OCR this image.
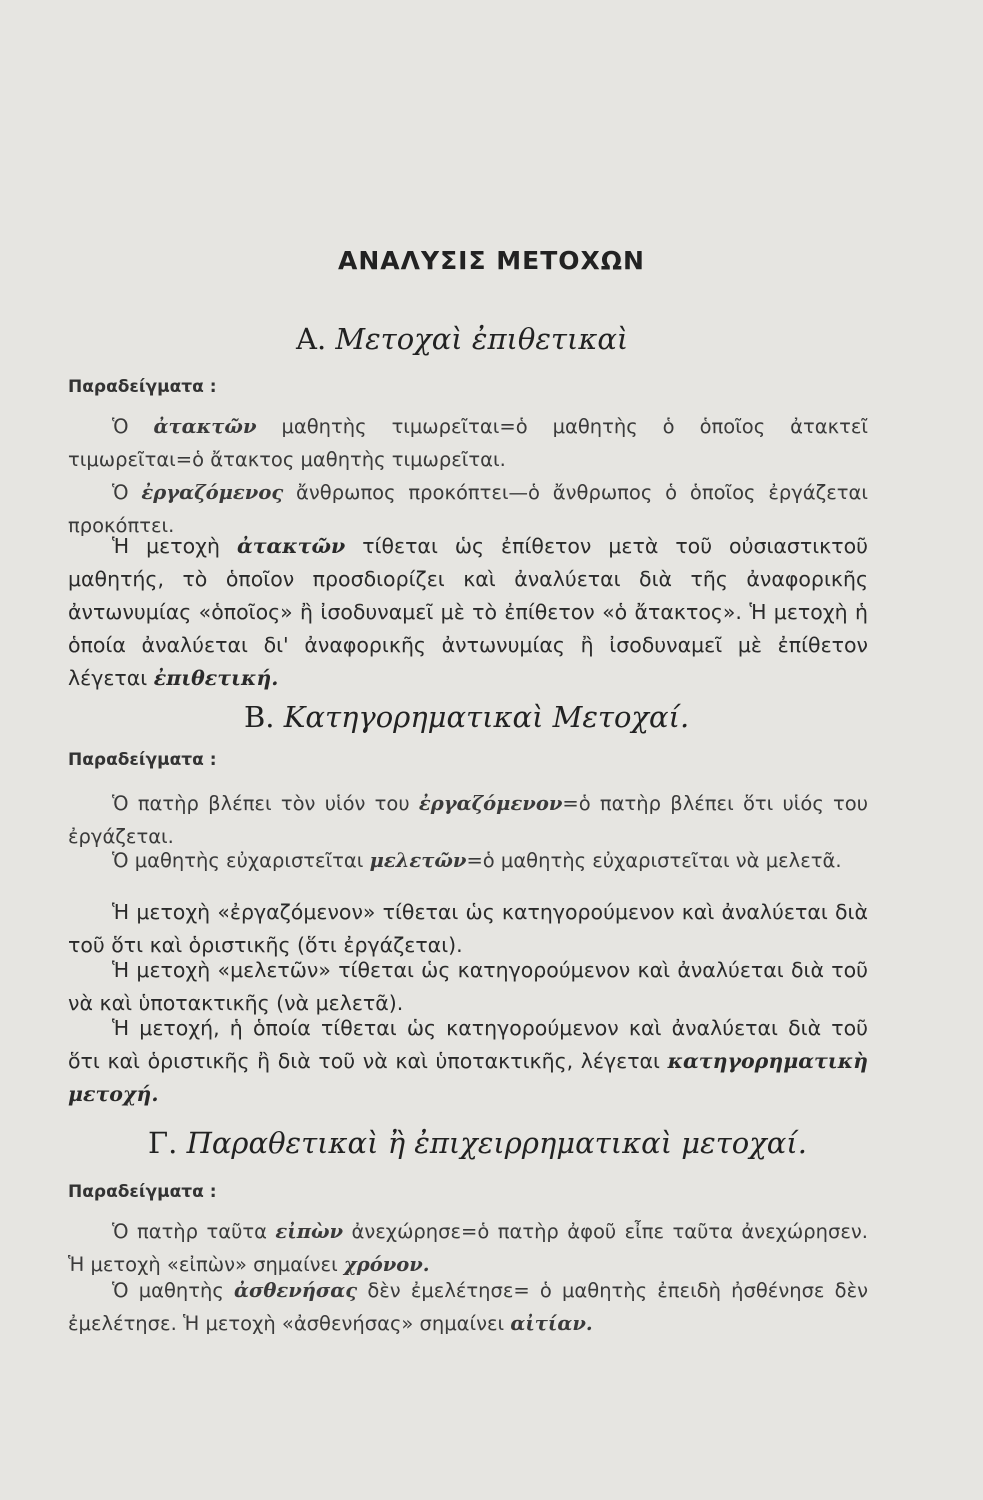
ΑΝΑΛΥΣΙΣ ΜΕΤΟΧΩΝ
Α. Μετοχαὶ ἐπιθετικαὶ
Παραδείγματα :
Ὁ ἀτακτῶν μαθητὴς τιμωρεῖται=ὁ μαθητὴς ὁ ὁποῖος ἀτακτεῖ τιμωρεῖται=ὁ ἄτακτος μαθητὴς τιμωρεῖται.
Ὁ ἐργαζόμενος ἄνθρωπος προκόπτει—ὁ ἄνθρωπος ὁ ὁποῖος ἐργάζεται προκόπτει.
Ἡ μετοχὴ ἀτακτῶν τίθεται ὡς ἐπίθετον μετὰ τοῦ οὐσιαστικτοῦ μαθητής, τὸ ὁποῖον προσδιορίζει καὶ ἀναλύεται διὰ τῆς ἀναφορικῆς ἀντωνυμίας «ὁποῖος» ἢ ἰσοδυναμεῖ μὲ τὸ ἐπίθετον «ὁ ἄτακτος». Ἡ μετοχὴ ἡ ὁποία ἀναλύεται δι' ἀναφορικῆς ἀντωνυμίας ἢ ἰσοδυναμεῖ μὲ ἐπίθετον λέγεται ἐπιθετική.
Β. Κατηγορηματικαὶ Μετοχαί.
Παραδείγματα :
Ὁ πατὴρ βλέπει τὸν υἱόν του ἐργαζόμενον=ὁ πατὴρ βλέπει ὅτι υἱός του ἐργάζεται.
Ὁ μαθητὴς εὐχαριστεῖται μελετῶν=ὁ μαθητὴς εὐχαριστεῖται νὰ μελετᾶ.
Ἡ μετοχὴ «ἐργαζόμενον» τίθεται ὡς κατηγορούμενον καὶ ἀναλύεται διὰ τοῦ ὅτι καὶ ὁριστικῆς (ὅτι ἐργάζεται).
Ἡ μετοχὴ «μελετῶν» τίθεται ὡς κατηγορούμενον καὶ ἀναλύεται διὰ τοῦ νὰ καὶ ὑποτακτικῆς (νὰ μελετᾶ).
Ἡ μετοχή, ἡ ὁποία τίθεται ὡς κατηγορούμενον καὶ ἀναλύεται διὰ τοῦ ὅτι καὶ ὁριστικῆς ἢ διὰ τοῦ νὰ καὶ ὑποτακτικῆς, λέγεται κατηγορηματικὴ μετοχή.
Γ. Παραθετικαὶ ἢ ἐπιχειρρηματικαὶ μετοχαί.
Παραδείγματα :
Ὁ πατὴρ ταῦτα εἰπὼν ἀνεχώρησε=ὁ πατὴρ ἀφοῦ εἶπε ταῦτα ἀνεχώρησεν. Ἡ μετοχὴ «εἰπὼν» σημαίνει χρόνον.
Ὁ μαθητὴς ἀσθενήσας δὲν ἐμελέτησε= ὁ μαθητὴς ἐπειδὴ ἠσθένησε δὲν ἐμελέτησε. Ἡ μετοχὴ «ἀσθενήσας» σημαίνει αἰτίαν.
